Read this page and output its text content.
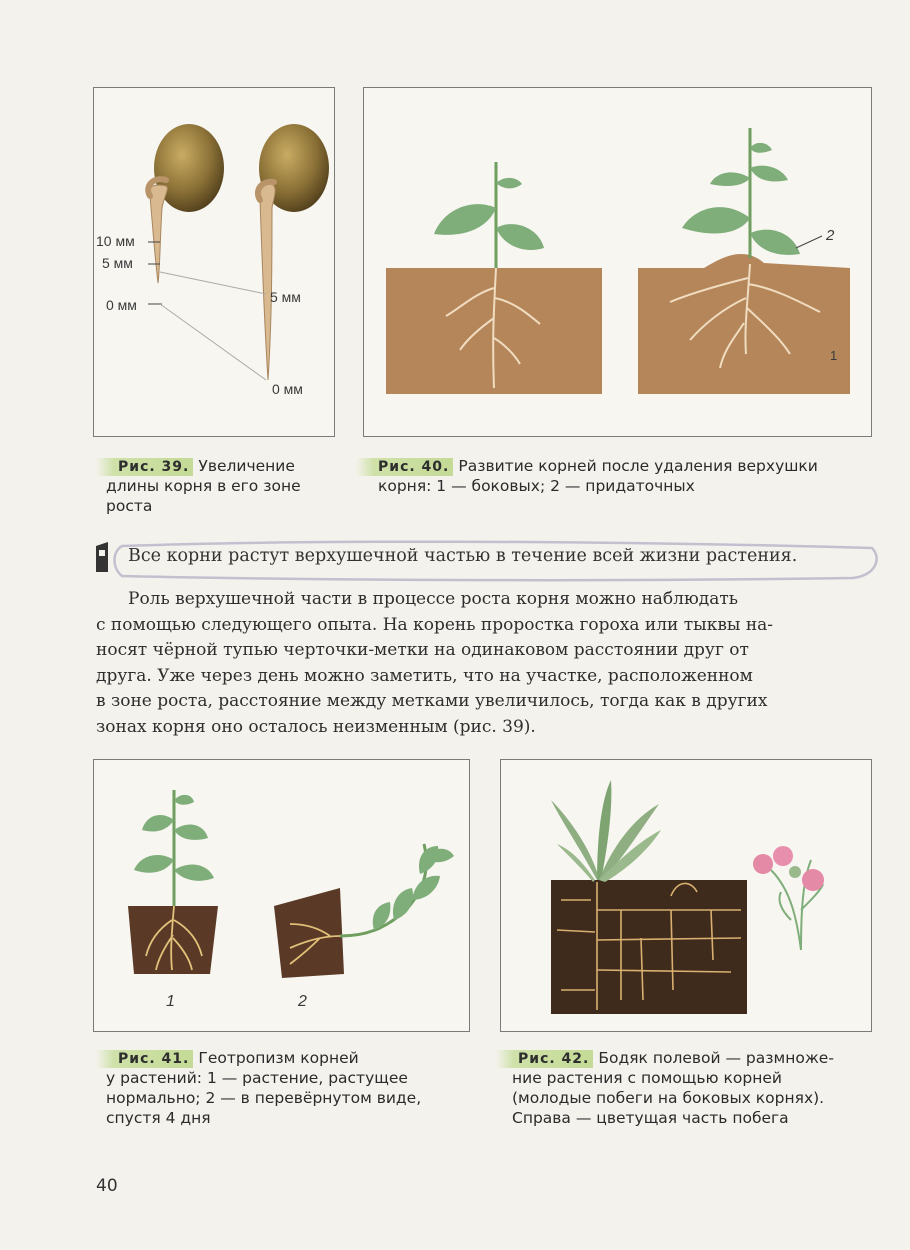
10 мм
5 мм
0 мм	5 мм
0 мм
Рис. 39. Увеличение
длины корня в его зоне
роста
2
1
Рис. 40. Развитие корней после удаления верхушки
корня: 1 — боковых; 2 — придаточных
Все корни растут верхушечной частью в течение всей жизни растения.
Роль верхушечной части в процессе роста корня можно наблюдать
с помощью следующего опыта. На корень проростка гороха или тыквы на-
носят чёрной тупью черточки-метки на одинаковом расстоянии друг от
друга. Уже через день можно заметить, что на участке, расположенном
в зоне роста, расстояние между метками увеличилось, тогда как в других
зонах корня оно осталось неизменным (рис. 39).
1	2
Рис. 41. Геотропизм корней
у растений: 1 — растение, растущее
нормально; 2 — в перевёрнутом виде,
спустя 4 дня
Рис. 42. Бодяк полевой — размноже-
ние растения с помощью корней
(молодые побеги на боковых корнях).
Справа — цветущая часть побега
40
